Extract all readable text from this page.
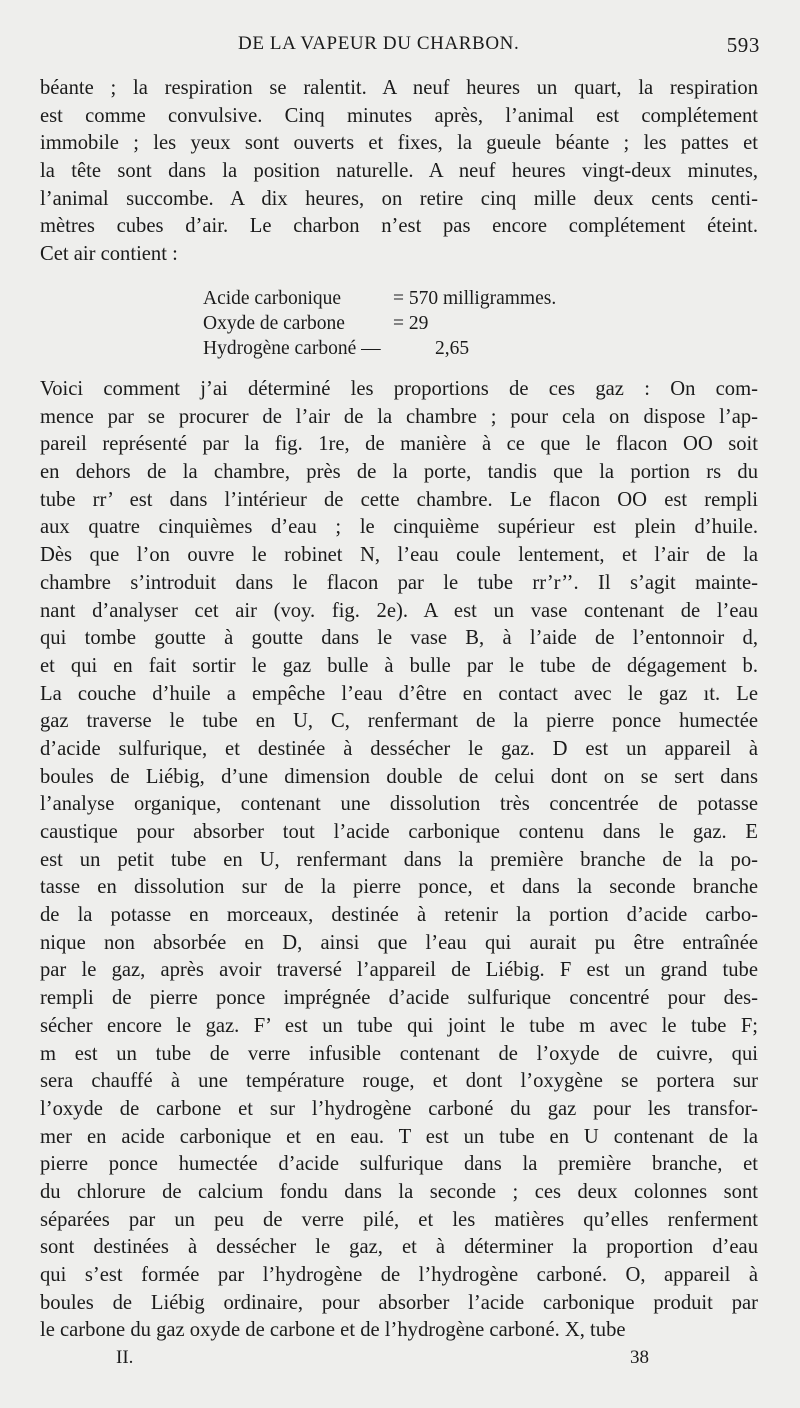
DE LA VAPEUR DU CHARBON.	593
béante ; la respiration se ralentit. A neuf heures un quart, la respiration
est comme convulsive. Cinq minutes après, l’animal est complétement
immobile ; les yeux sont ouverts et fixes, la gueule béante ; les pattes et
la tête sont dans la position naturelle. A neuf heures vingt-deux minutes,
l’animal succombe. A dix heures, on retire cinq mille deux cents centi-
mètres cubes d’air. Le charbon n’est pas encore complétement éteint.
Cet air contient :
Acide carbonique	= 570 milligrammes.
Oxyde de carbone = 29
Hydrogène carboné —	2,65
Voici comment j’ai déterminé les proportions de ces gaz : On com-
mence par se procurer de l’air de la chambre ; pour cela on dispose l’ap-
pareil représenté par la fig. 1re, de manière à ce que le flacon OO soit
en dehors de la chambre, près de la porte, tandis que la portion rs du
tube rr’ est dans l’intérieur de cette chambre. Le flacon OO est rempli
aux quatre cinquièmes d’eau ; le cinquième supérieur est plein d’huile.
Dès que l’on ouvre le robinet N, l’eau coule lentement, et l’air de la
chambre s’introduit dans le flacon par le tube rr’r’’. Il s’agit mainte-
nant d’analyser cet air (voy. fig. 2e). A est un vase contenant de l’eau
qui tombe goutte à goutte dans le vase B, à l’aide de l’entonnoir d,
et qui en fait sortir le gaz bulle à bulle par le tube de dégagement b.
La couche d’huile a empêche l’eau d’être en contact avec le gaz ıt. Le
gaz traverse le tube en U, C, renfermant de la pierre ponce humectée
d’acide sulfurique, et destinée à dessécher le gaz. D est un appareil à
boules de Liébig, d’une dimension double de celui dont on se sert dans
l’analyse organique, contenant une dissolution très concentrée de potasse
caustique pour absorber tout l’acide carbonique contenu dans le gaz. E
est un petit tube en U, renfermant dans la première branche de la po-
tasse en dissolution sur de la pierre ponce, et dans la seconde branche
de la potasse en morceaux, destinée à retenir la portion d’acide carbo-
nique non absorbée en D, ainsi que l’eau qui aurait pu être entraînée
par le gaz, après avoir traversé l’appareil de Liébig. F est un grand tube
rempli de pierre ponce imprégnée d’acide sulfurique concentré pour des-
sécher encore le gaz. F’ est un tube qui joint le tube m avec le tube F;
m est un tube de verre infusible contenant de l’oxyde de cuivre, qui
sera chauffé à une température rouge, et dont l’oxygène se portera sur
l’oxyde de carbone et sur l’hydrogène carboné du gaz pour les transfor-
mer en acide carbonique et en eau. T est un tube en U contenant de la
pierre ponce humectée d’acide sulfurique dans la première branche, et
du chlorure de calcium fondu dans la seconde ; ces deux colonnes sont
séparées par un peu de verre pilé, et les matières qu’elles renferment
sont destinées à dessécher le gaz, et à déterminer la proportion d’eau
qui s’est formée par l’hydrogène de l’hydrogène carboné. O, appareil à
boules de Liébig ordinaire, pour absorber l’acide carbonique produit par
le carbone du gaz oxyde de carbone et de l’hydrogène carboné. X, tube
II.	38
